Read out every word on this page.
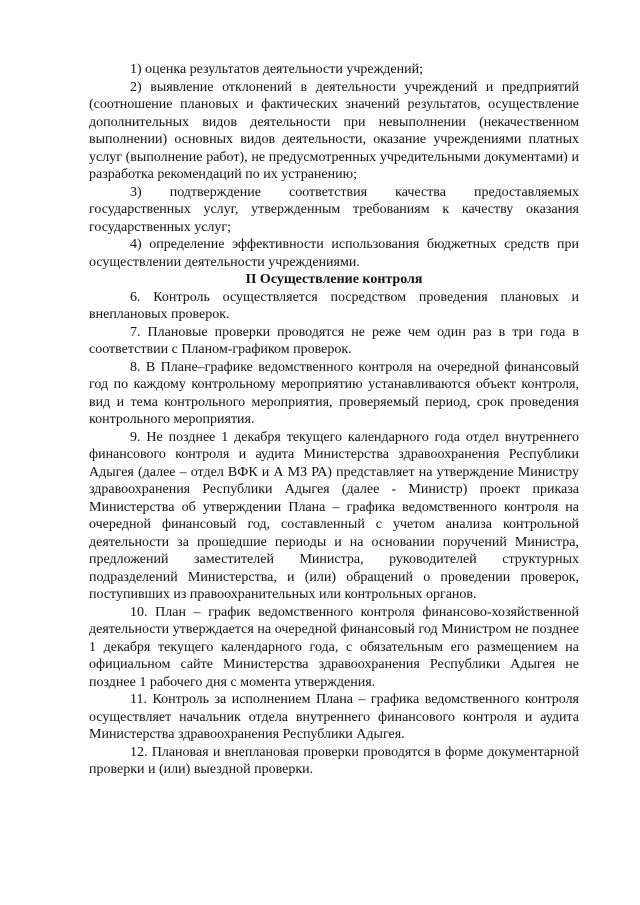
1) оценка результатов деятельности учреждений;

2) выявление отклонений в деятельности учреждений и предприятий (соотношение плановых и фактических значений результатов, осуществление дополнительных видов деятельности при невыполнении (некачественном выполнении) основных видов деятельности, оказание учреждениями платных услуг (выполнение работ), не предусмотренных учредительными документами) и разработка рекомендаций по их устранению;

3) подтверждение соответствия качества предоставляемых государственных услуг, утвержденным требованиям к качеству оказания государственных услуг;

4) определение эффективности использования бюджетных средств при осуществлении деятельности учреждениями.

II Осуществление контроля

6. Контроль осуществляется посредством проведения плановых и внеплановых проверок.

7. Плановые проверки проводятся не реже чем один раз в три года в соответствии с Планом-графиком проверок.

8. В Плане–графике ведомственного контроля на очередной финансовый год по каждому контрольному мероприятию устанавливаются объект контроля, вид и тема контрольного мероприятия, проверяемый период, срок проведения контрольного мероприятия.

9. Не позднее 1 декабря текущего календарного года отдел внутреннего финансового контроля и аудита Министерства здравоохранения Республики Адыгея (далее – отдел ВФК и А МЗ РА) представляет на утверждение Министру здравоохранения Республики Адыгея (далее - Министр) проект приказа Министерства об утверждении Плана – графика ведомственного контроля на очередной финансовый год, составленный с учетом анализа контрольной деятельности за прошедшие периоды и на основании поручений Министра, предложений заместителей Министра, руководителей структурных подразделений Министерства, и (или) обращений о проведении проверок, поступивших из правоохранительных или контрольных органов.

10. План – график ведомственного контроля финансово-хозяйственной деятельности утверждается на очередной финансовый год Министром не позднее 1 декабря текущего календарного года, с обязательным его размещением на официальном сайте Министерства здравоохранения Республики Адыгея не позднее 1 рабочего дня с момента утверждения.

11. Контроль за исполнением Плана – графика ведомственного контроля осуществляет начальник отдела внутреннего финансового контроля и аудита Министерства здравоохранения Республики Адыгея.

12. Плановая и внеплановая проверки проводятся в форме документарной проверки и (или) выездной проверки.
